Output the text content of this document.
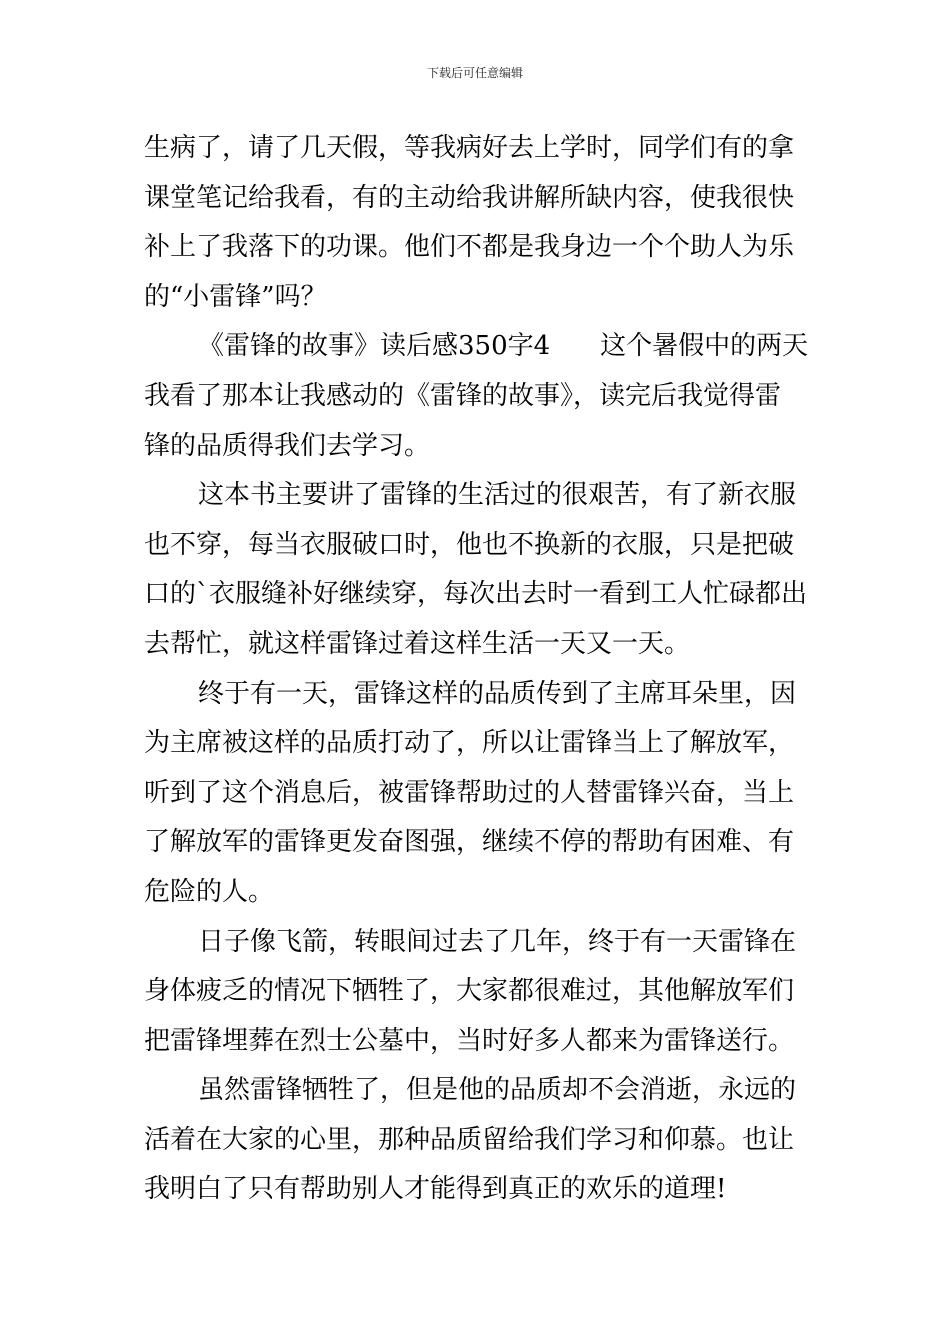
下载后可任意编辑
生病了，请了几天假，等我病好去上学时，同学们有的拿
课堂笔记给我看，有的主动给我讲解所缺内容，使我很快
补上了我落下的功课。他们不都是我身边一个个助人为乐
的“小雷锋”吗？
《雷锋的故事》读后感350字4 这个暑假中的两天
我看了那本让我感动的《雷锋的故事》，读完后我觉得雷
锋的品质得我们去学习。
这本书主要讲了雷锋的生活过的很艰苦，有了新衣服
也不穿，每当衣服破口时，他也不换新的衣服，只是把破
口的`衣服缝补好继续穿，每次出去时一看到工人忙碌都出
去帮忙，就这样雷锋过着这样生活一天又一天。
终于有一天，雷锋这样的品质传到了主席耳朵里，因
为主席被这样的品质打动了，所以让雷锋当上了解放军，
听到了这个消息后，被雷锋帮助过的人替雷锋兴奋，当上
了解放军的雷锋更发奋图强，继续不停的帮助有困难、有
危险的人。
日子像飞箭，转眼间过去了几年，终于有一天雷锋在
身体疲乏的情况下牺牲了，大家都很难过，其他解放军们
把雷锋埋葬在烈士公墓中，当时好多人都来为雷锋送行。
虽然雷锋牺牲了，但是他的品质却不会消逝，永远的
活着在大家的心里，那种品质留给我们学习和仰慕。也让
我明白了只有帮助别人才能得到真正的欢乐的道理!
